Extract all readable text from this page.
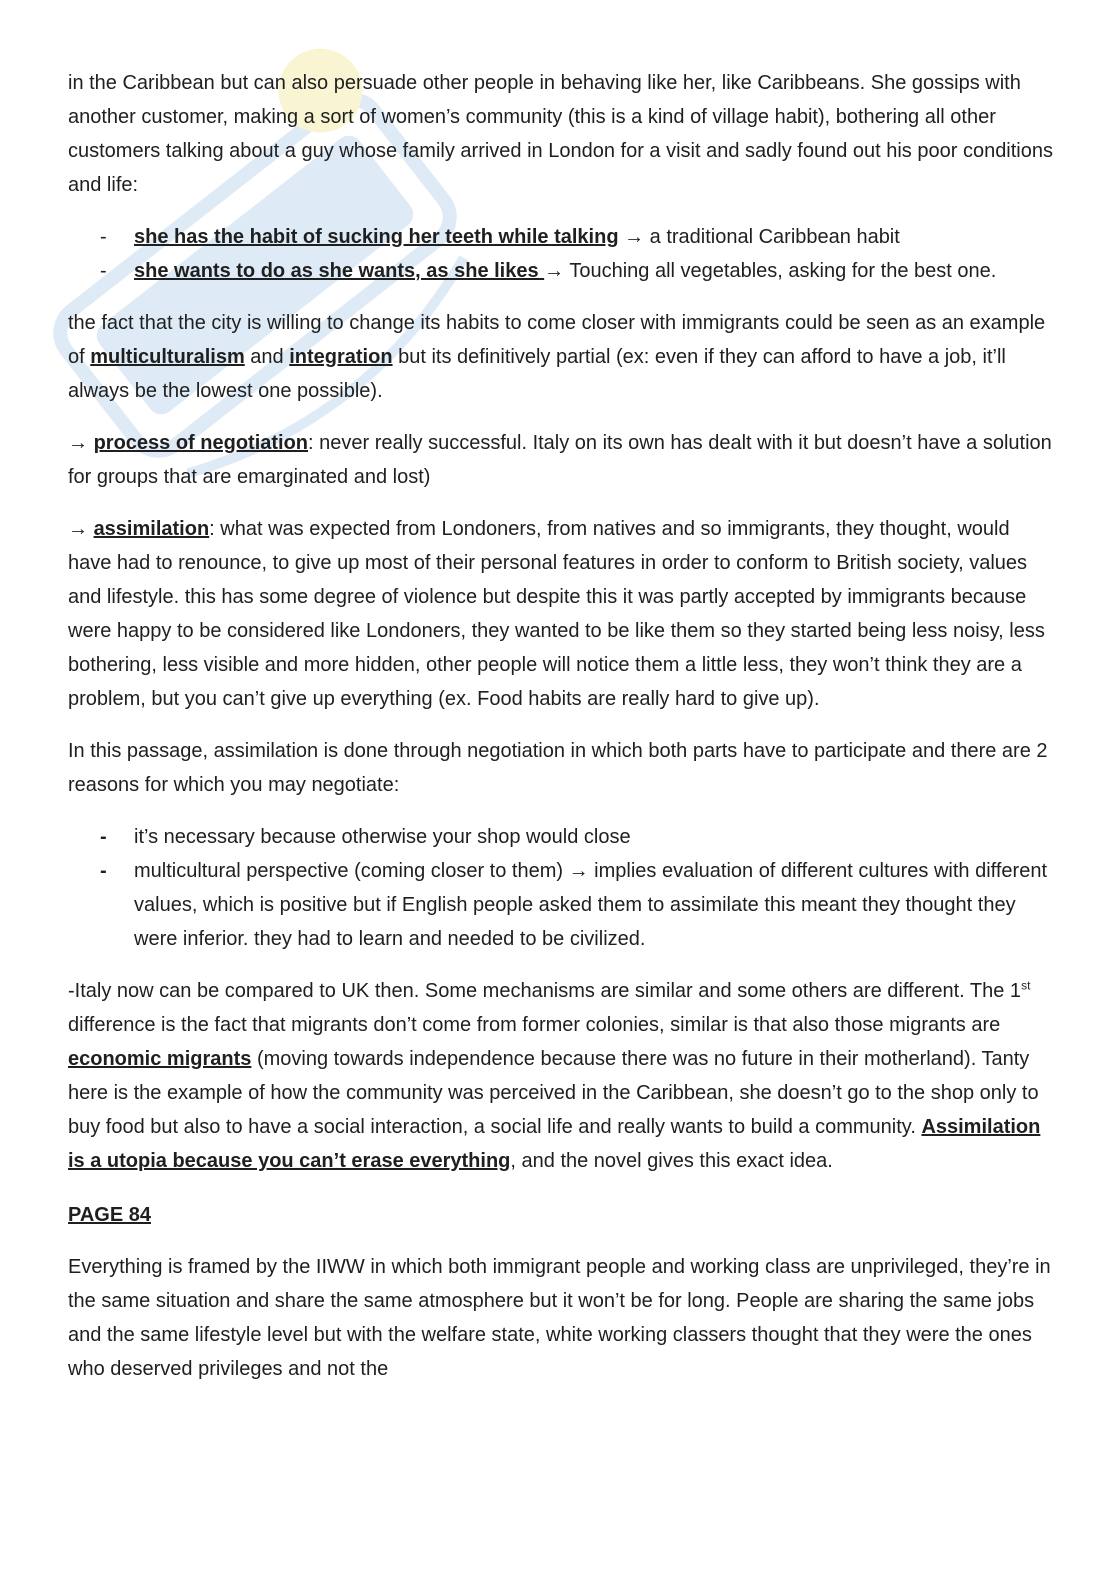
in the Caribbean but can also persuade other people in behaving like her, like Caribbeans. She gossips with another customer, making a sort of women’s community (this is a kind of village habit), bothering all other customers talking about a guy whose family arrived in London for a visit and sadly found out his poor conditions and life:

- she has the habit of sucking her teeth while talking → a traditional Caribbean habit
- she wants to do as she wants, as she likes → Touching all vegetables, asking for the best one.

the fact that the city is willing to change its habits to come closer with immigrants could be seen as an example of multiculturalism and integration but its definitively partial (ex: even if they can afford to have a job, it’ll always be the lowest one possible).

→ process of negotiation: never really successful. Italy on its own has dealt with it but doesn’t have a solution for groups that are emarginated and lost)

→ assimilation: what was expected from Londoners, from natives and so immigrants, they thought, would have had to renounce, to give up most of their personal features in order to conform to British society, values and lifestyle. this has some degree of violence but despite this it was partly accepted by immigrants because were happy to be considered like Londoners, they wanted to be like them so they started being less noisy, less bothering, less visible and more hidden, other people will notice them a little less, they won’t think they are a problem, but you can’t give up everything (ex. Food habits are really hard to give up).

In this passage, assimilation is done through negotiation in which both parts have to participate and there are 2 reasons for which you may negotiate:

- it’s necessary because otherwise your shop would close
- multicultural perspective (coming closer to them) → implies evaluation of different cultures with different values, which is positive but if English people asked them to assimilate this meant they thought they were inferior. they had to learn and needed to be civilized.

-Italy now can be compared to UK then. Some mechanisms are similar and some others are different. The 1st difference is the fact that migrants don’t come from former colonies, similar is that also those migrants are economic migrants (moving towards independence because there was no future in their motherland). Tanty here is the example of how the community was perceived in the Caribbean, she doesn’t go to the shop only to buy food but also to have a social interaction, a social life and really wants to build a community. Assimilation is a utopia because you can’t erase everything, and the novel gives this exact idea.

PAGE 84

Everything is framed by the IIWW in which both immigrant people and working class are unprivileged, they’re in the same situation and share the same atmosphere but it won’t be for long. People are sharing the same jobs and the same lifestyle level but with the welfare state, white working classers thought that they were the ones who deserved privileges and not the
